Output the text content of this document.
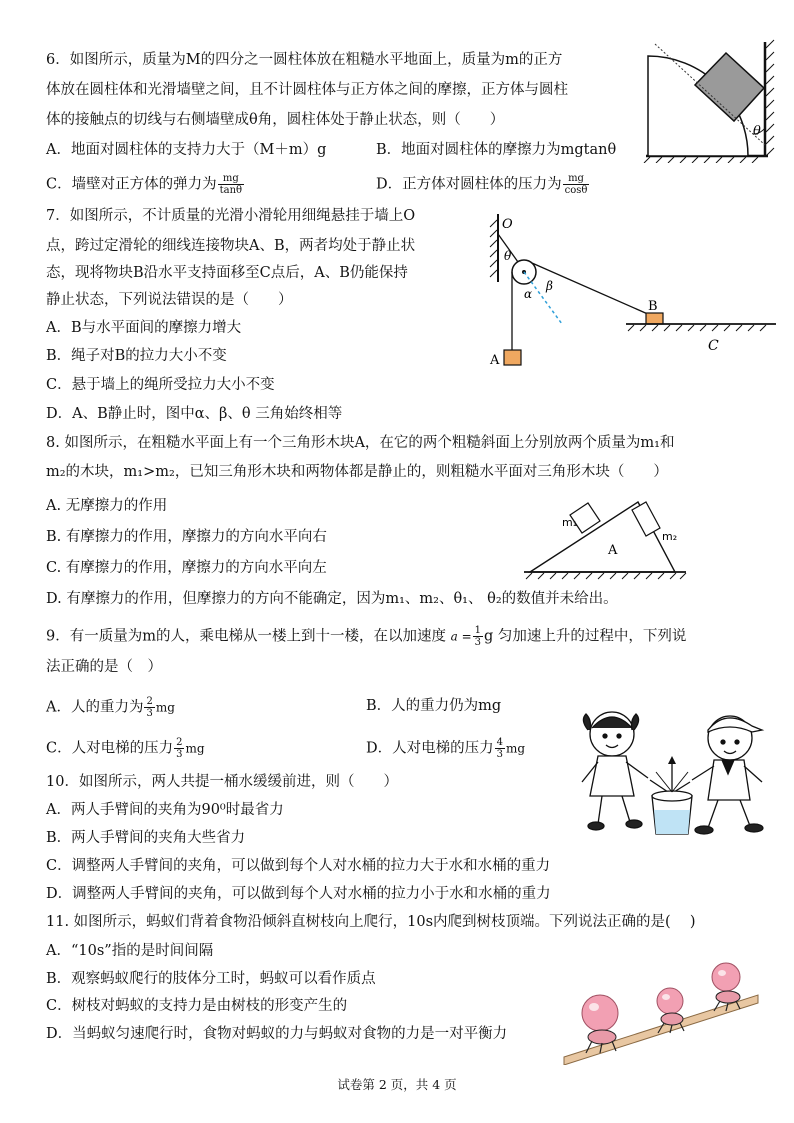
6．如图所示，质量为M的四分之一圆柱体放在粗糙水平地面上，质量为m的正方
体放在圆柱体和光滑墙壁之间，且不计圆柱体与正方体之间的摩擦，正方体与圆柱
体的接触点的切线与右侧墙壁成θ角，圆柱体处于静止状态，则（　　）
A．地面对圆柱体的支持力大于（M＋m）g	B．地面对圆柱体的摩擦力为mgtanθ
C．墙壁对正方体的弹力为 $\frac{mg}{\tan\theta}$	D．正方体对圆柱体的压力为 $\frac{mg}{\cos\theta}$
θ
7．如图所示，不计质量的光滑小滑轮用细绳悬挂于墙上O
点，跨过定滑轮的细线连接物块A、B，两者均处于静止状
态，现将物块B沿水平支持面移至C点后，A、B仍能保持
静止状态，下列说法错误的是（　　）
A．B与水平面间的摩擦力增大
B．绳子对B的拉力大小不变
C．悬于墙上的绳所受拉力大小不变
D．A、B静止时，图中α、β、θ 三角始终相等
O
θ
α
β
A
B
C
8. 如图所示，在粗糙水平面上有一个三角形木块A，在它的两个粗糙斜面上分别放两个质量为m₁和
m₂的木块，m₁>m₂，已知三角形木块和两物体都是静止的，则粗糙水平面对三角形木块（　　）
A. 无摩擦力的作用
B. 有摩擦力的作用，摩擦力的方向水平向右
C. 有摩擦力的作用，摩擦力的方向水平向左
D. 有摩擦力的作用，但摩擦力的方向不能确定，因为m₁、m₂、θ₁、 θ₂的数值并未给出。
m₁
m₂
A
9．有一质量为m的人，乘电梯从一楼上到十一楼，在以加速度 $a = \frac{1}{3}$ g 匀加速上升的过程中，下列说
法正确的是（　）
A．人的重力为 $\frac{2}{3}$ mg	B．人的重力仍为mg
C．人对电梯的压力 $\frac{2}{3}$ mg	D．人对电梯的压力 $\frac{4}{3}$ mg
10．如图所示，两人共提一桶水缓缓前进，则（　　）
A．两人手臂间的夹角为90⁰时最省力
B．两人手臂间的夹角大些省力
C．调整两人手臂间的夹角，可以做到每个人对水桶的拉力大于水和水桶的重力
D．调整两人手臂间的夹角，可以做到每个人对水桶的拉力小于水和水桶的重力
11. 如图所示，蚂蚁们背着食物沿倾斜直树枝向上爬行，10s内爬到树枝顶端。下列说法正确的是(　 )
A．“10s”指的是时间间隔
B．观察蚂蚁爬行的肢体分工时，蚂蚁可以看作质点
C．树枝对蚂蚁的支持力是由树枝的形变产生的
D．当蚂蚁匀速爬行时，食物对蚂蚁的力与蚂蚁对食物的力是一对平衡力
试卷第 2 页，共 4 页
